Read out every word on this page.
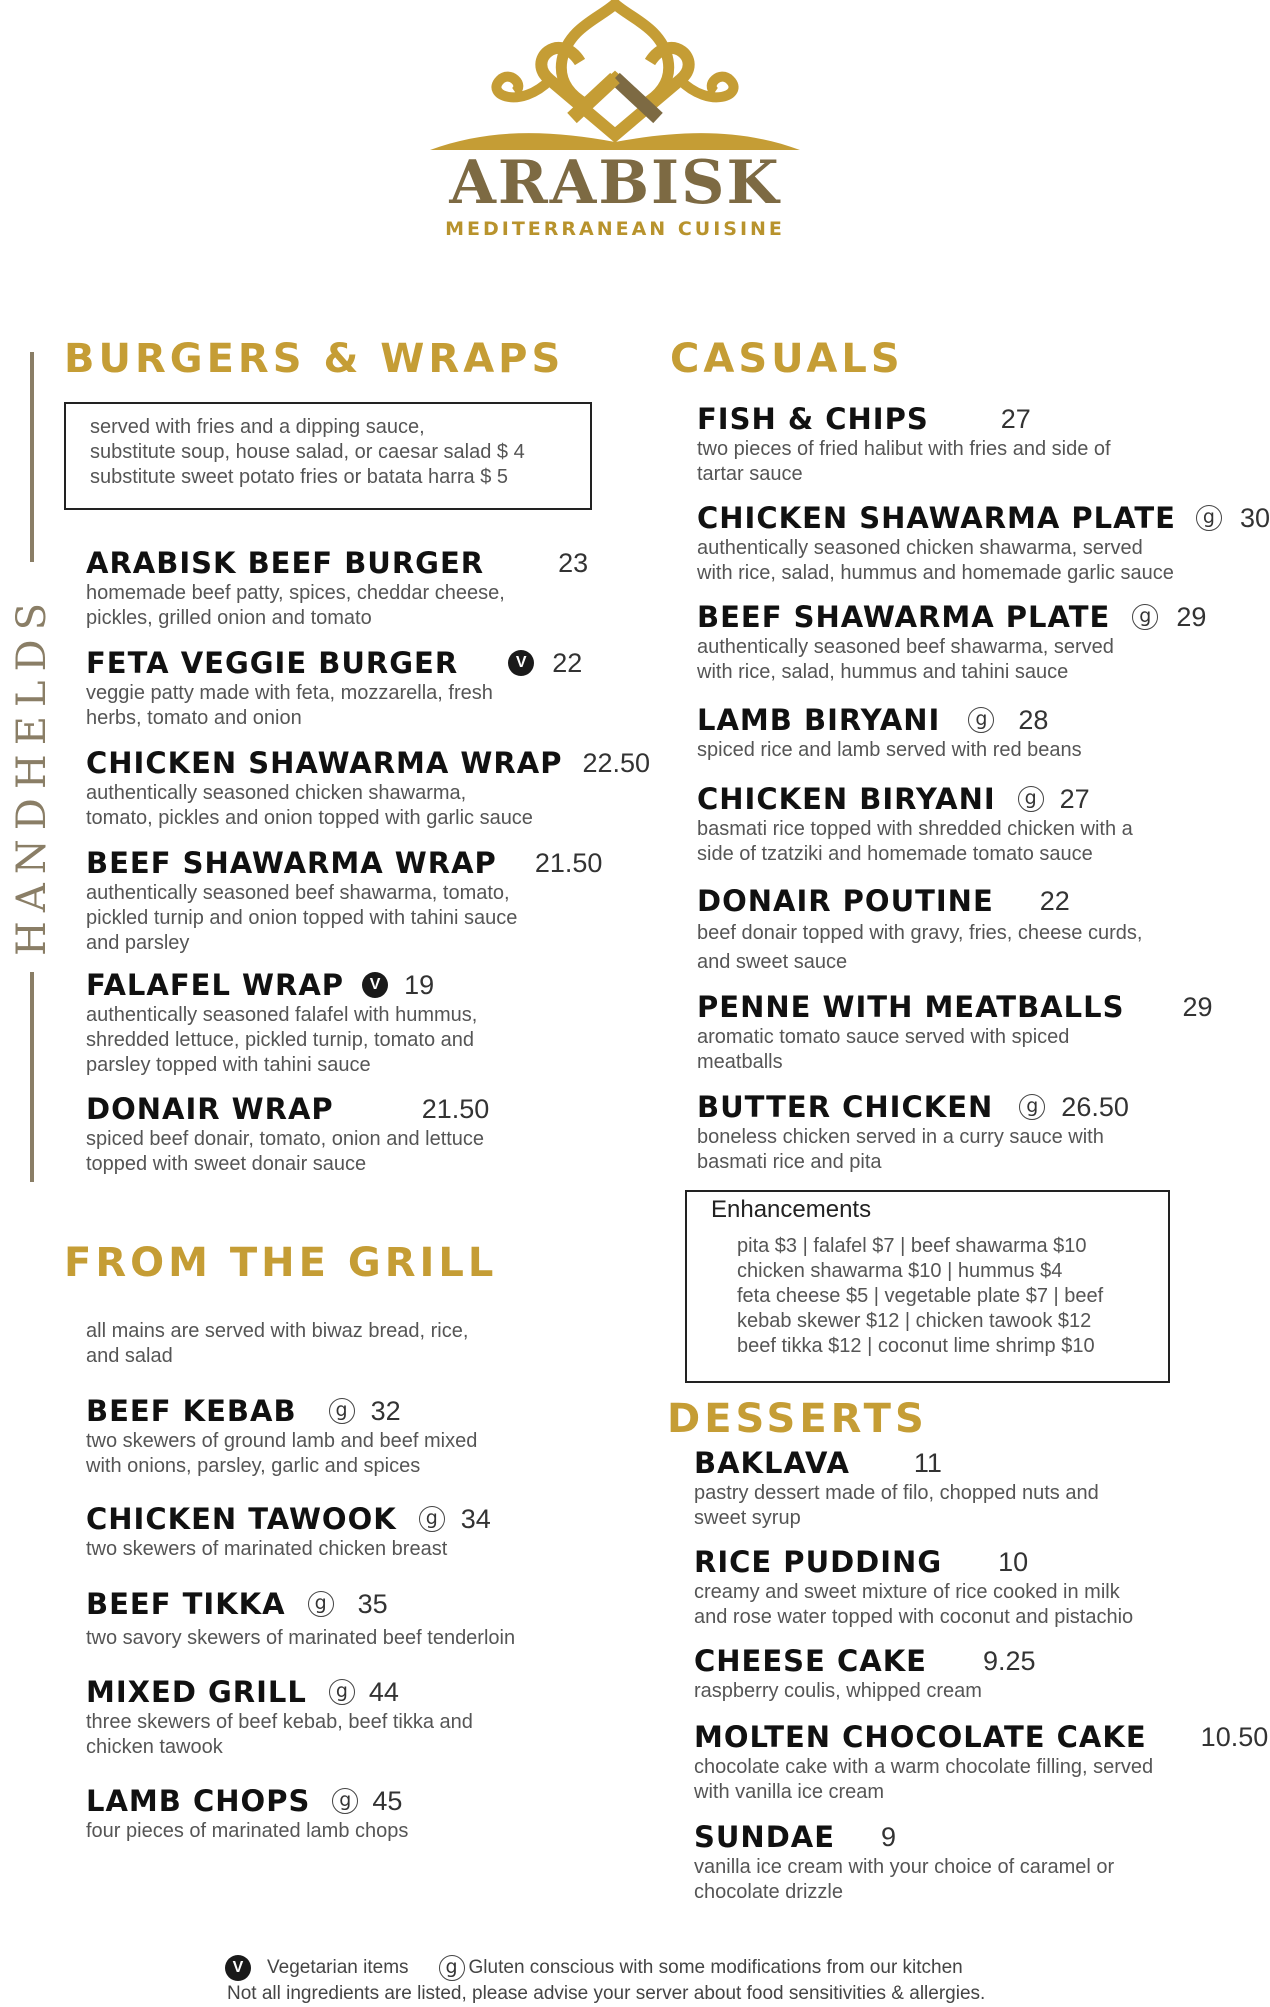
ARABISK
MEDITERRANEAN CUISINE
HANDHELDS
BURGERS & WRAPS
served with fries and a dipping sauce,
substitute soup, house salad, or caesar salad $ 4
substitute sweet potato fries or batata harra $ 5
ARABISK BEEF BURGER	23
homemade beef patty, spices, cheddar cheese,
pickles, grilled onion and tomato
FETA VEGGIE BURGER	V 22
veggie patty made with feta, mozzarella, fresh
herbs, tomato and onion
CHICKEN SHAWARMA WRAP 22.50
authentically seasoned chicken shawarma,
tomato, pickles and onion topped with garlic sauce
BEEF SHAWARMA WRAP 21.50
authentically seasoned beef shawarma, tomato,
pickled turnip and onion topped with tahini sauce
and parsley
FALAFEL WRAP	V 19
authentically seasoned falafel with hummus,
shredded lettuce, pickled turnip, tomato and
parsley topped with tahini sauce
DONAIR WRAP	21.50
spiced beef donair, tomato, onion and lettuce
topped with sweet donair sauce
FROM THE GRILL
all mains are served with biwaz bread, rice,
and salad
BEEF KEBAB	g 32
two skewers of ground lamb and beef mixed
with onions, parsley, garlic and spices
CHICKEN TAWOOK	g 34
two skewers of marinated chicken breast
BEEF TIKKA	g 35
two savory skewers of marinated beef tenderloin
MIXED GRILL	g 44
three skewers of beef kebab, beef tikka and
chicken tawook
LAMB CHOPS	g 45
four pieces of marinated lamb chops
CASUALS
FISH & CHIPS	27
two pieces of fried halibut with fries and side of
tartar sauce
CHICKEN SHAWARMA PLATE	g 30
authentically seasoned chicken shawarma, served
with rice, salad, hummus and homemade garlic sauce
BEEF SHAWARMA PLATE	g 29
authentically seasoned beef shawarma, served
with rice, salad, hummus and tahini sauce
LAMB BIRYANI	g 28
spiced rice and lamb served with red beans
CHICKEN BIRYANI	g 27
basmati rice topped with shredded chicken with a
side of tzatziki and homemade tomato sauce
DONAIR POUTINE 22
beef donair topped with gravy, fries, cheese curds,
and sweet sauce
PENNE WITH MEATBALLS 29
aromatic tomato sauce served with spiced
meatballs
BUTTER CHICKEN	g 26.50
boneless chicken served in a curry sauce with
basmati rice and pita
Enhancements
pita $3 | falafel $7 | beef shawarma $10
chicken shawarma $10 | hummus $4
feta cheese $5 | vegetable plate $7 | beef
kebab skewer $12 | chicken tawook $12
beef tikka $12 | coconut lime shrimp $10
DESSERTS
BAKLAVA 11
pastry dessert made of filo, chopped nuts and
sweet syrup
RICE PUDDING 10
creamy and sweet mixture of rice cooked in milk
and rose water topped with coconut and pistachio
CHEESE CAKE 9.25
raspberry coulis, whipped cream
MOLTEN CHOCOLATE CAKE 10.50
chocolate cake with a warm chocolate filling, served
with vanilla ice cream
SUNDAE 9
vanilla ice cream with your choice of caramel or
chocolate drizzle
V	Vegetarian items	g Gluten conscious with some modifications from our kitchen
Not all ingredients are listed, please advise your server about food sensitivities & allergies.
